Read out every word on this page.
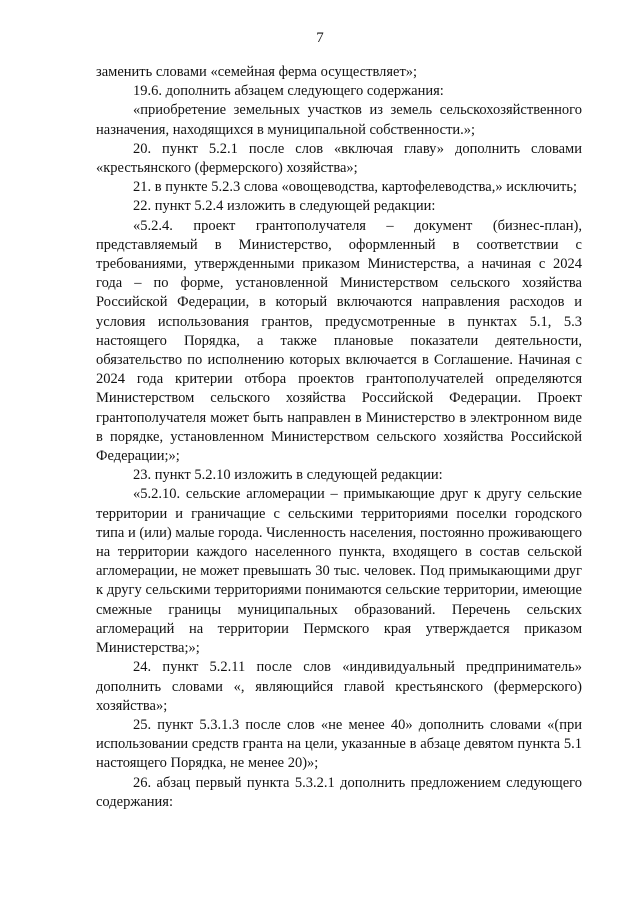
7

заменить словами «семейная ферма осуществляет»;

19.6. дополнить абзацем следующего содержания:

«приобретение земельных участков из земель сельскохозяйственного назначения, находящихся в муниципальной собственности.»;

20. пункт 5.2.1 после слов «включая главу» дополнить словами «крестьянского (фермерского) хозяйства»;

21. в пункте 5.2.3 слова «овощеводства, картофелеводства,» исключить;

22. пункт 5.2.4 изложить в следующей редакции:

«5.2.4. проект грантополучателя – документ (бизнес-план), представляемый в Министерство, оформленный в соответствии с требованиями, утвержденными приказом Министерства, а начиная с 2024 года – по форме, установленной Министерством сельского хозяйства Российской Федерации, в который включаются направления расходов и условия использования грантов, предусмотренные в пунктах 5.1, 5.3 настоящего Порядка, а также плановые показатели деятельности, обязательство по исполнению которых включается в Соглашение. Начиная с 2024 года критерии отбора проектов грантополучателей определяются Министерством сельского хозяйства Российской Федерации. Проект грантополучателя может быть направлен в Министерство в электронном виде в порядке, установленном Министерством сельского хозяйства Российской Федерации;»;

23. пункт 5.2.10 изложить в следующей редакции:

«5.2.10. сельские агломерации – примыкающие друг к другу сельские территории и граничащие с сельскими территориями поселки городского типа и (или) малые города. Численность населения, постоянно проживающего на территории каждого населенного пункта, входящего в состав сельской агломерации, не может превышать 30 тыс. человек. Под примыкающими друг к другу сельскими территориями понимаются сельские территории, имеющие смежные границы муниципальных образований. Перечень сельских агломераций на территории Пермского края утверждается приказом Министерства;»;

24. пункт 5.2.11 после слов «индивидуальный предприниматель» дополнить словами «, являющийся главой крестьянского (фермерского) хозяйства»;

25. пункт 5.3.1.3 после слов «не менее 40» дополнить словами «(при использовании средств гранта на цели, указанные в абзаце девятом пункта 5.1 настоящего Порядка, не менее 20)»;

26. абзац первый пункта 5.3.2.1 дополнить предложением следующего содержания:
